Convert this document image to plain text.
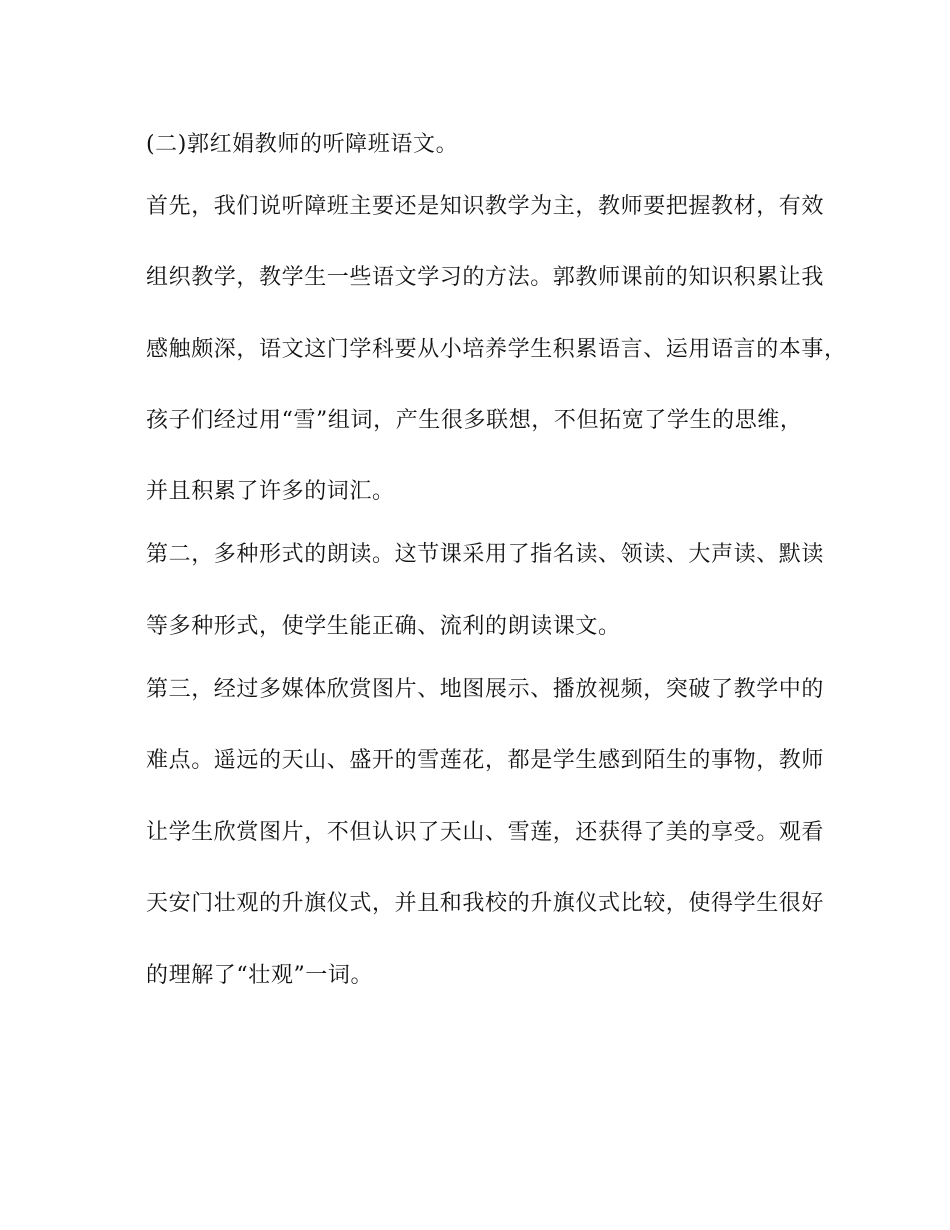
(二)郭红娟教师的听障班语文。
首先，我们说听障班主要还是知识教学为主，教师要把握教材，有效
组织教学，教学生一些语文学习的方法。郭教师课前的知识积累让我
感触颇深，语文这门学科要从小培养学生积累语言、运用语言的本事，
孩子们经过用“雪”组词，产生很多联想，不但拓宽了学生的思维，
并且积累了许多的词汇。
第二，多种形式的朗读。这节课采用了指名读、领读、大声读、默读
等多种形式，使学生能正确、流利的朗读课文。
第三，经过多媒体欣赏图片、地图展示、播放视频，突破了教学中的
难点。遥远的天山、盛开的雪莲花，都是学生感到陌生的事物，教师
让学生欣赏图片，不但认识了天山、雪莲，还获得了美的享受。观看
天安门壮观的升旗仪式，并且和我校的升旗仪式比较，使得学生很好
的理解了“壮观”一词。
